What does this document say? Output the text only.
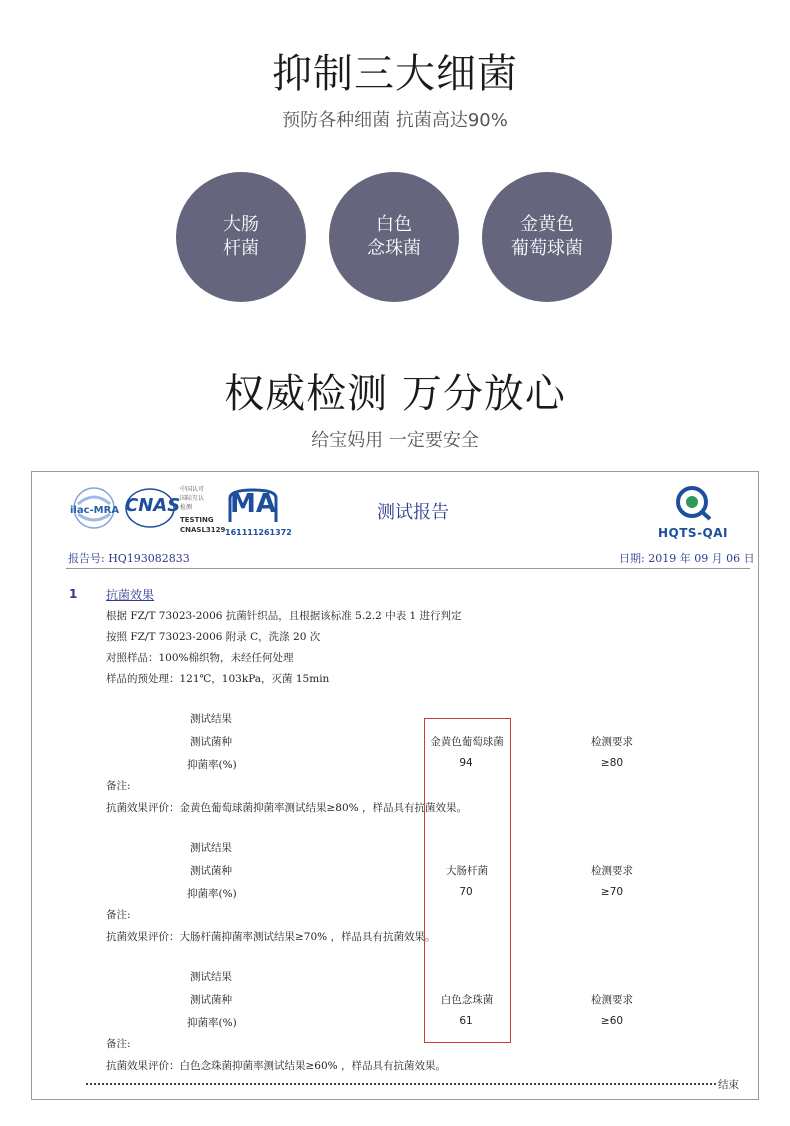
抑制三大细菌
预防各种细菌 抗菌高达90%
大肠
杆菌
白色
念珠菌
金黄色
葡萄球菌
权威检测 万分放心
给宝妈用 一定要安全
ilac-MRA CNAS
中国认可
国际互认
检测
TESTING
CNASL3129
MA
161111261372
测试报告
HQTS-QAI
报告号: HQ193082833	日期: 2019 年 09 月 06 日
1 抗菌效果
根据 FZ/T 73023-2006 抗菌针织品，且根据该标准 5.2.2 中表 1 进行判定
按照 FZ/T 73023-2006 附录 C，洗涤 20 次
对照样品：100%棉织物，未经任何处理
样品的预处理：121℃，103kPa，灭菌 15min
测试结果
测试菌种	金黄色葡萄球菌	检测要求
抑菌率(%)	94	≥80
备注:
抗菌效果评价：金黄色葡萄球菌抑菌率测试结果≥80% ，样品具有抗菌效果。
测试结果
测试菌种	大肠杆菌	检测要求
抑菌率(%)	70	≥70
备注:
抗菌效果评价：大肠杆菌抑菌率测试结果≥70% ，样品具有抗菌效果。
测试结果
测试菌种	白色念珠菌	检测要求
抑菌率(%)	61	≥60
备注:
抗菌效果评价：白色念珠菌抑菌率测试结果≥60% ，样品具有抗菌效果。
结束
